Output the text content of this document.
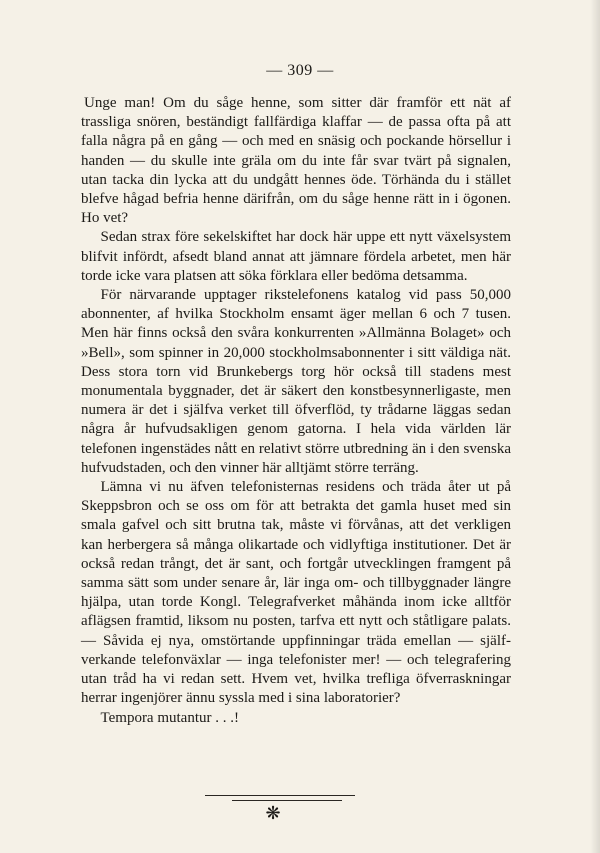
— 309 —

Unge man! Om du såge henne, som sitter där framför ett nät af trassliga snören, beständigt fallfärdiga klaffar — de passa ofta på att falla några på en gång — och med en snäsig och pockande hörsellur i handen — du skulle inte gräla om du inte får svar tvärt på signalen, utan tacka din lycka att du undgått hennes öde. Törhända du i stället blefve hågad befria henne därifrån, om du såge henne rätt in i ögonen. Ho vet?

Sedan strax före sekelskiftet har dock här uppe ett nytt växelsystem blifvit infördt, afsedt bland annat att jämnare fördela arbetet, men här torde icke vara platsen att söka förklara eller bedöma detsamma.

För närvarande upptager rikstelefonens katalog vid pass 50,000 abonnenter, af hvilka Stockholm ensamt äger mellan 6 och 7 tusen. Men här finns också den svåra konkurrenten »Allmänna Bolaget» och »Bell», som spinner in 20,000 stockholmsabonnenter i sitt väldiga nät. Dess stora torn vid Brunkebergs torg hör också till stadens mest monumentala byggnader, det är säkert den konstbesynnerligaste, men numera är det i själfva verket till öfverflöd, ty trådarne läggas sedan några år hufvudsakligen genom gatorna. I hela vida världen lär telefonen ingenstädes nått en relativt större utbredning än i den svenska hufvudstaden, och den vinner här alltjämt större terräng.

Lämna vi nu äfven telefonisternas residens och träda åter ut på Skeppsbron och se oss om för att betrakta det gamla huset med sin smala gafvel och sitt brutna tak, måste vi förvånas, att det verkligen kan herbergera så många olikartade och vidlyftiga institutioner. Det är också redan trångt, det är sant, och fortgår utvecklingen framgent på samma sätt som under senare år, lär inga om- och tillbyggnader längre hjälpa, utan torde Kongl. Telegrafverket måhända inom icke alltför aflägsen framtid, liksom nu posten, tarfva ett nytt och ståtligare palats. — Såvida ej nya, omstörtande uppfinningar träda emellan — själfverkande telefonväxlar — inga telefonister mer! — och telegrafering utan tråd ha vi redan sett. Hvem vet, hvilka trefliga öfverraskningar herrar ingenjörer ännu syssla med i sina laboratorier?

Tempora mutantur . . .!

❋
